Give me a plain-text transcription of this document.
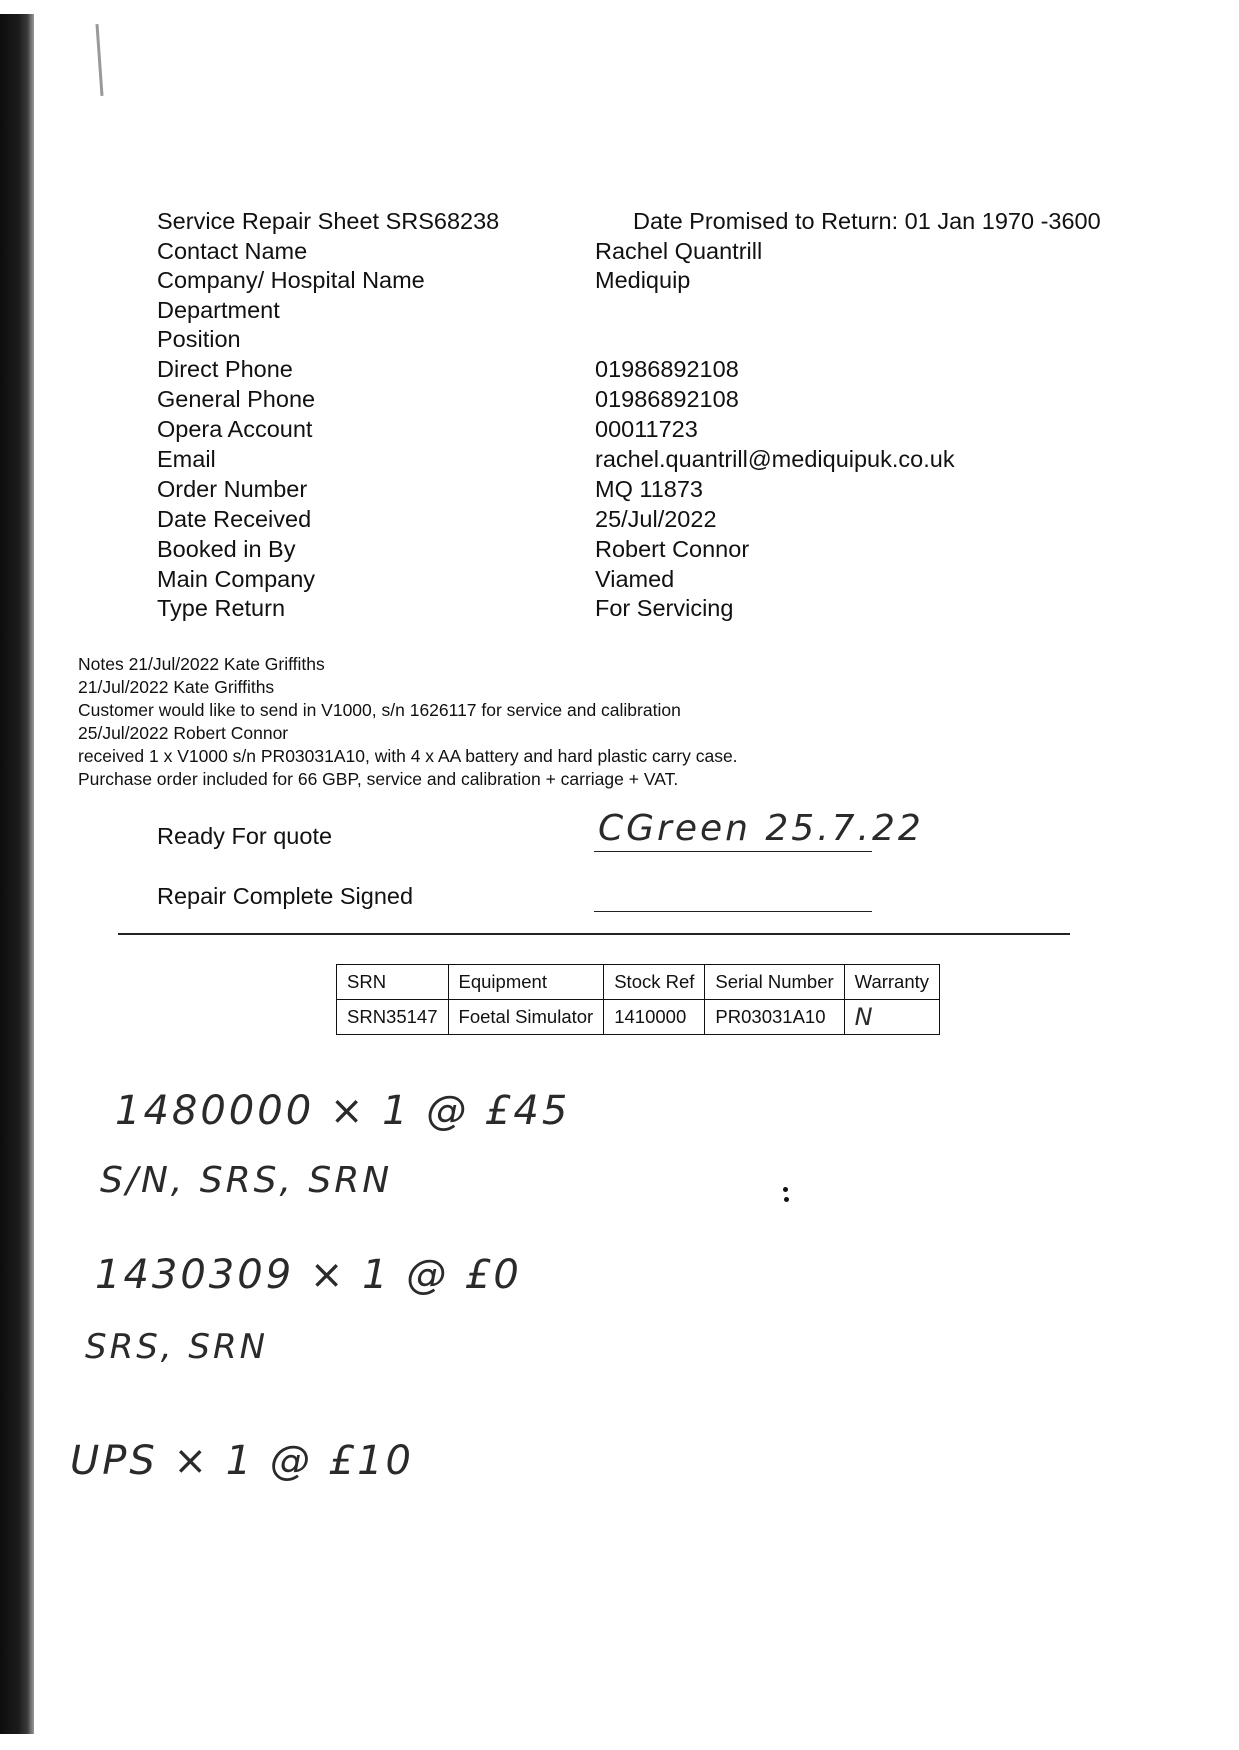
Service Repair Sheet SRS68238	Date Promised to Return: 01 Jan 1970 -3600
Contact Name	Rachel Quantrill
Company/ Hospital Name	Mediquip
Department
Position
Direct Phone	01986892108
General Phone	01986892108
Opera Account	00011723
Email	rachel.quantrill@mediquipuk.co.uk
Order Number	MQ 11873
Date Received	25/Jul/2022
Booked in By	Robert Connor
Main Company	Viamed
Type Return	For Servicing
Notes 21/Jul/2022 Kate Griffiths
21/Jul/2022 Kate Griffiths
Customer would like to send in V1000, s/n 1626117 for service and calibration
25/Jul/2022 Robert Connor
received 1 x V1000 s/n PR03031A10, with 4 x AA battery and hard plastic carry case.
Purchase order included for 66 GBP, service and calibration + carriage + VAT.
Ready For quote	CGreen 25.7.22
Repair Complete Signed
SRN	Equipment	Stock Ref	Serial Number	Warranty
SRN35147	Foetal Simulator	1410000	PR03031A10	N
1480000 × 1 @ £45
S/N, SRS, SRN
1430309 × 1 @ £0
SRS, SRN
UPS × 1 @ £10
